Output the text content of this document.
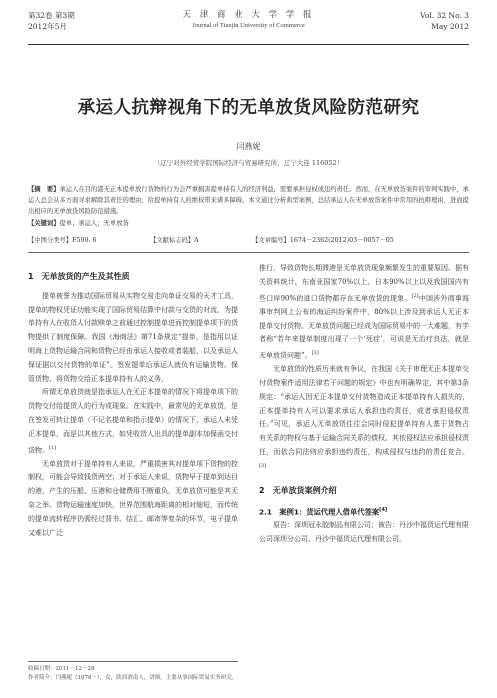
第32卷 第3期
2012年5月
天 津 商 业 大 学 学 报
Journal of Tianjin University of Commerce
Vol. 32 No. 3
May 2012
承运人抗辩视角下的无单放货风险防范研究
闫燕妮
（辽宁对外经贸学院国际经济与贸易研究所，辽宁大连 116052）
【摘　要】承运人在目的港无正本提单放行货物的行为会严重损害提单持有人的经济利益，需要承担侵权或违约责任。然而，在无单放货案件的审判实践中，承运人总会从多方面寻求解除其责任的理由，给提单持有人的维权带来诸多障碍。本文通过分析典型案例，总结承运人在无单放货案件中常用的抗辩理由，进而提出相应的无单放货风险防范措施。
【关键词】提单；承运人；无单放货
【中图分类号】F590. 6	【文献标志码】A	【文章编号】1674－2362(2012)03－0057－05
1　无单放货的产生及其性质

提单被誉为推动国际贸易从实物交易走向单证交易的天才工具，提单的物权凭证功能实现了国际贸易结算中付款与交货的对流，为提单持有人在收货人付款赎单之前通过控制提单进而控制提单项下的货物提供了制度保障。我国《海商法》第71条规定“提单，是指用以证明海上货物运输合同和货物已经由承运人接收或者装船，以及承运人保证据以交付货物的单证”。签发提单后承运人就负有运输货物、保管货物、将货物交给正本提单持有人的义务。

所谓无单放货就是指承运人在无正本提单的情况下将提单项下的货物交付给提货人的行为或现象。在实践中，最常见的无单放货，是在签发可转让提单（不记名提单和指示提单）的情况下，承运人未凭正本提单，而是以其他方式，如凭收货人出具的提单副本加保函交付货物。[1]

无单放货对于提单持有人来说，严重损害其对提单项下货物的控制权，可能会导致钱货两空；对于承运人来说，货物早于提单到达目的港，产生的压船、压港和仓储费用不断重负，无单放货可能是其无奈之举。货物运输速度加快，世界范围航海距离的相对缩短，而传统的提单流转程序仍需经过背书、结汇、邮寄等复杂的环节，电子提单又难以广泛

推行，导致货物长期滞港是无单放货现象频繁发生的重要原因。据有关资料统计，东南亚国家70%以上，日本90%以上以及我国国内有些口岸90%的进口货物都存在无单放货的现象。[2]中国涉外商事海事审判网上公布的海运纠纷案件中，80%以上涉及到承运人无正本提单交付货物。无单放货问题已经成为国际贸易中的一大难题，有学者称“若年来提单制度出现了一个‘死症’，可说是无治疗良法，就是无单放货问题”。[3]

无单放货的性质历来就有争议，在我国《关于审理无正本提单交付货物案件适用法律若干问题的规定》中也有明确界定，其中第3条规定：“承运人因无正本提单交付货物造成正本提单持有人损失的，正本提单持有人可以要求承运人承担违约责任，或者承担侵权责任。”可见，承运人无单放货往往会同时侵犯提单持有人基于货物占有关系的物权与基于运输合同关系的债权，其依侵权法应承担侵权责任，而依合同法则应承担违约责任，构成侵权与违约的责任竞合。[3]

2　无单放货案例介绍
2.1　案例1：货运代理人借单代签案[4]

原告：深圳冠永胶制品有限公司；被告：丹沙中福货运代理有限公司深圳分公司、丹沙中福货运代理有限公司。

收稿日期：2011－12－28
作者简介：闫燕妮（1978－），女，陕西渭南人，讲师，主要从事国际贸易实务研究。
